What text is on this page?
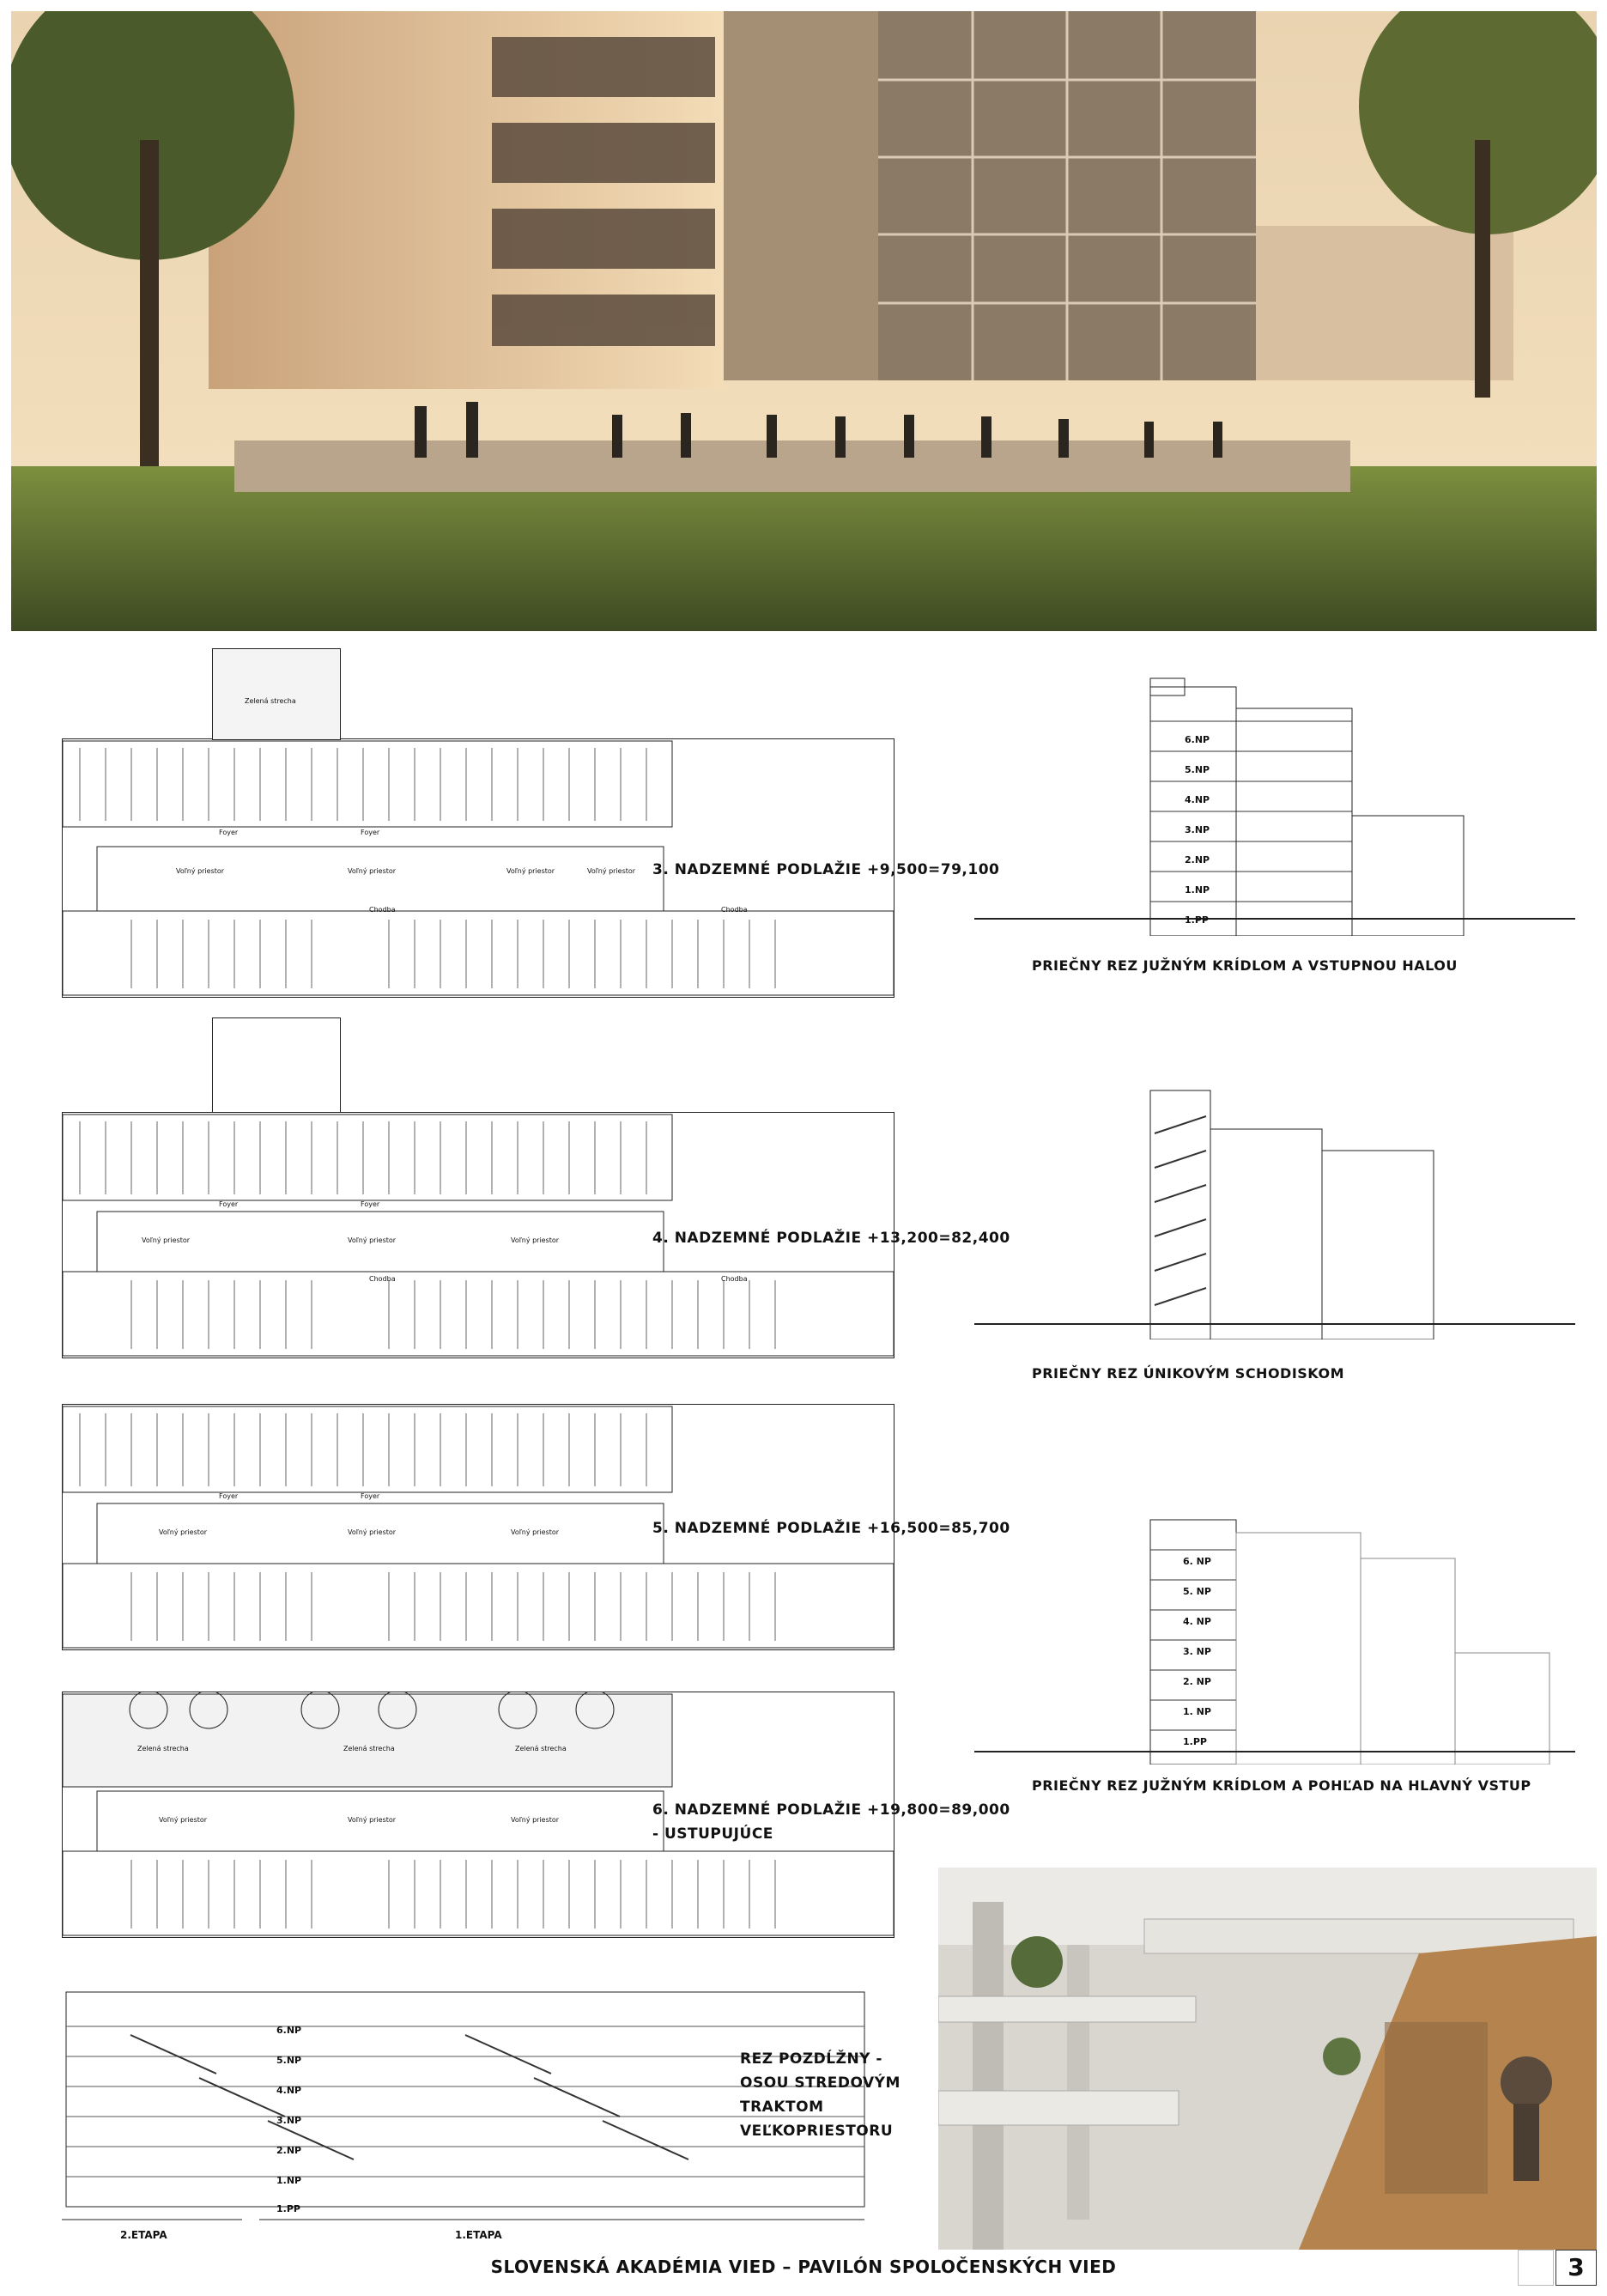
Zelená strecha
Voľný priestor	Voľný priestor	Voľný priestor	Voľný priestor
Foyer	Foyer
Chodba	Chodba
3. NADZEMNÉ PODLAŽIE +9,500=79,100
Voľný priestor	Voľný priestor	Voľný priestor
Foyer	Foyer
Chodba	Chodba
4. NADZEMNÉ PODLAŽIE +13,200=82,400
Voľný priestor	Voľný priestor	Voľný priestor
Foyer	Foyer
5. NADZEMNÉ PODLAŽIE +16,500=85,700
Zelená strecha	Zelená strecha	Zelená strecha
Voľný priestor	Voľný priestor	Voľný priestor
6. NADZEMNÉ PODLAŽIE +19,800=89,000
- USTUPUJÚCE
6.NP
5.NP
4.NP
3.NP
2.NP
1.NP
1.PP
2.ETAPA	1.ETAPA
REZ POZDĹŽNY -
OSOU STREDOVÝM
TRAKTOM
VEĽKOPRIESTORU
6.NP
5.NP
4.NP
3.NP
2.NP
1.NP
1.PP
PRIEČNY REZ JUŽNÝM KRÍDLOM A VSTUPNOU HALOU
PRIEČNY REZ ÚNIKOVÝM SCHODISKOM
6. NP
5. NP
4. NP
3. NP
2. NP
1. NP
1.PP
PRIEČNY REZ JUŽNÝM KRÍDLOM A POHĽAD NA HLAVNÝ VSTUP
SLOVENSKÁ AKADÉMIA VIED – PAVILÓN SPOLOČENSKÝCH VIED	3
